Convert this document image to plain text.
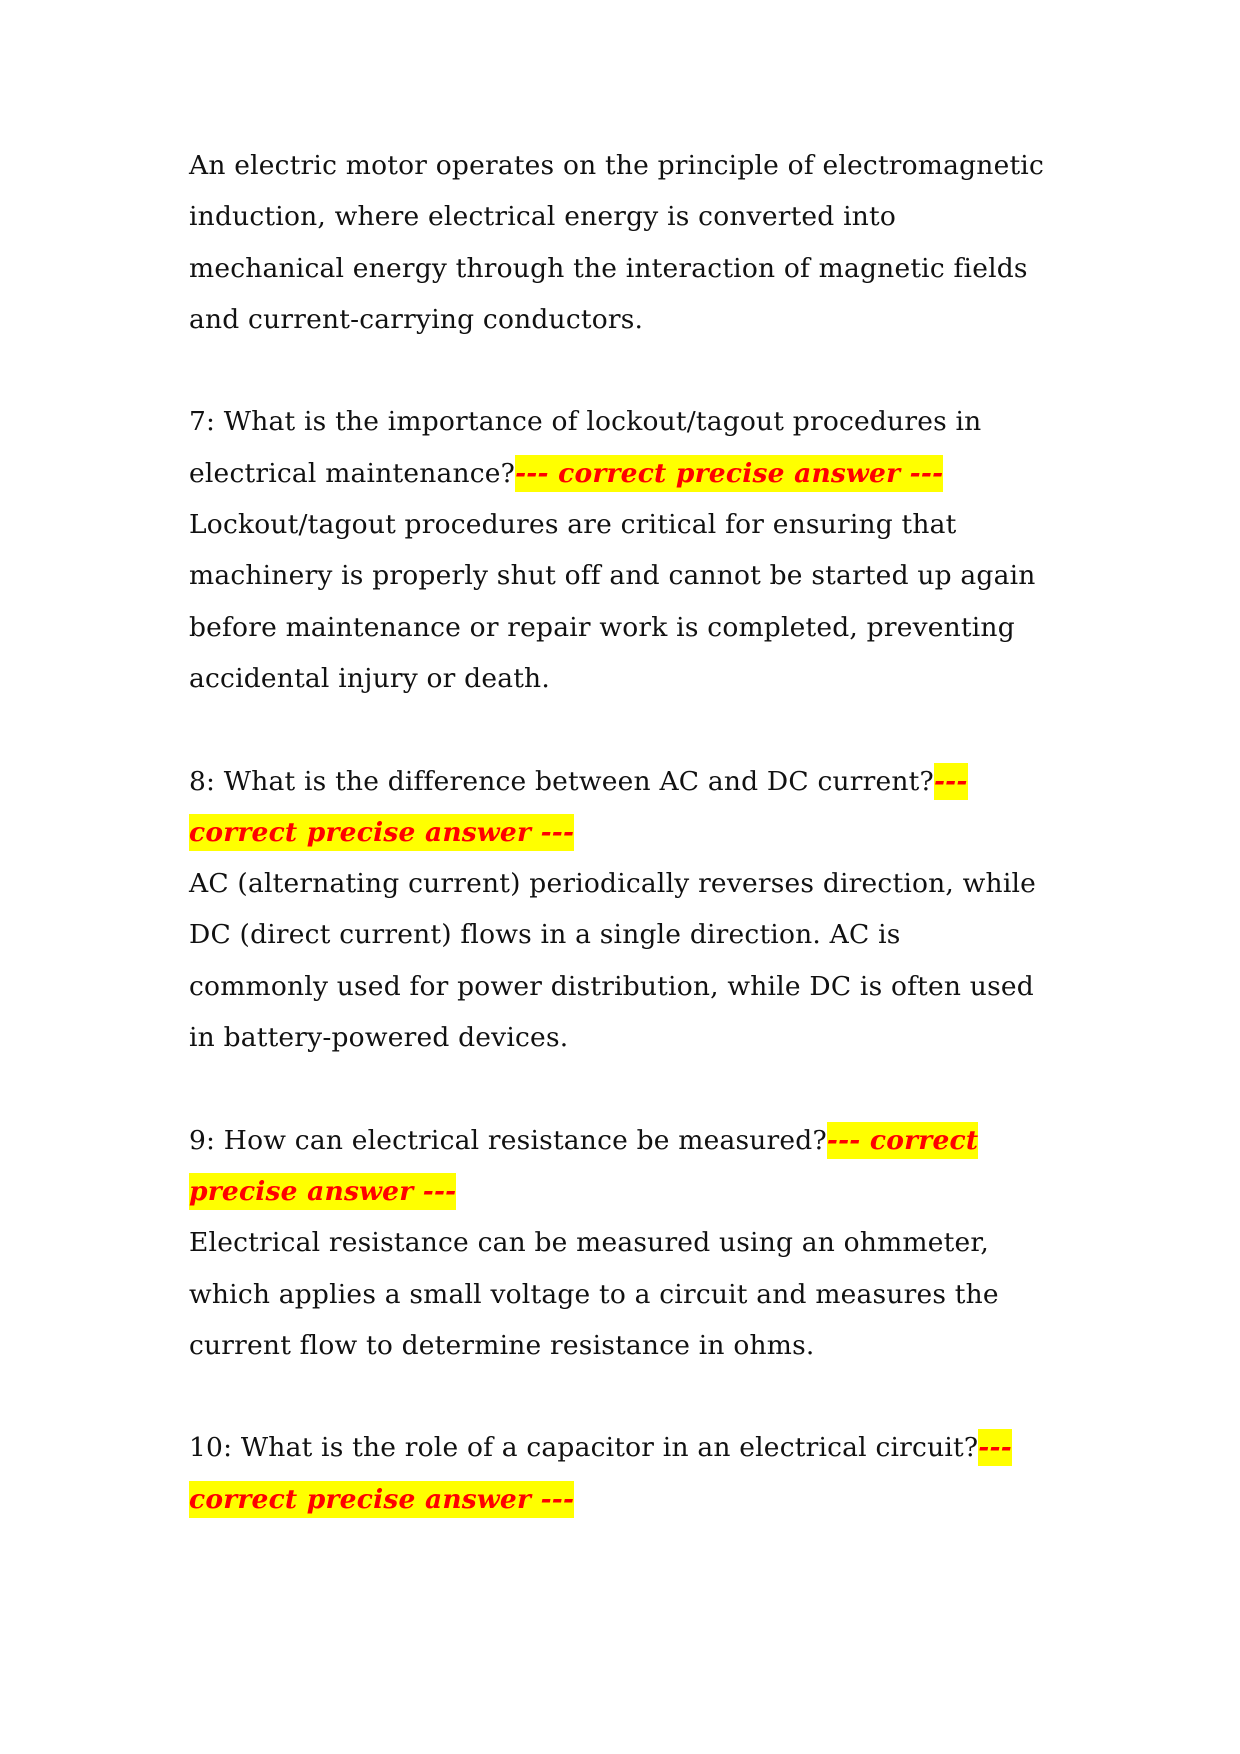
An electric motor operates on the principle of electromagnetic
induction, where electrical energy is converted into
mechanical energy through the interaction of magnetic fields
and current-carrying conductors.
7: What is the importance of lockout/tagout procedures in
electrical maintenance?--- correct precise answer ---
Lockout/tagout procedures are critical for ensuring that
machinery is properly shut off and cannot be started up again
before maintenance or repair work is completed, preventing
accidental injury or death.
8: What is the difference between AC and DC current?---
correct precise answer ---
AC (alternating current) periodically reverses direction, while
DC (direct current) flows in a single direction. AC is
commonly used for power distribution, while DC is often used
in battery-powered devices.
9: How can electrical resistance be measured?--- correct
precise answer ---
Electrical resistance can be measured using an ohmmeter,
which applies a small voltage to a circuit and measures the
current flow to determine resistance in ohms.
10: What is the role of a capacitor in an electrical circuit?---
correct precise answer ---
